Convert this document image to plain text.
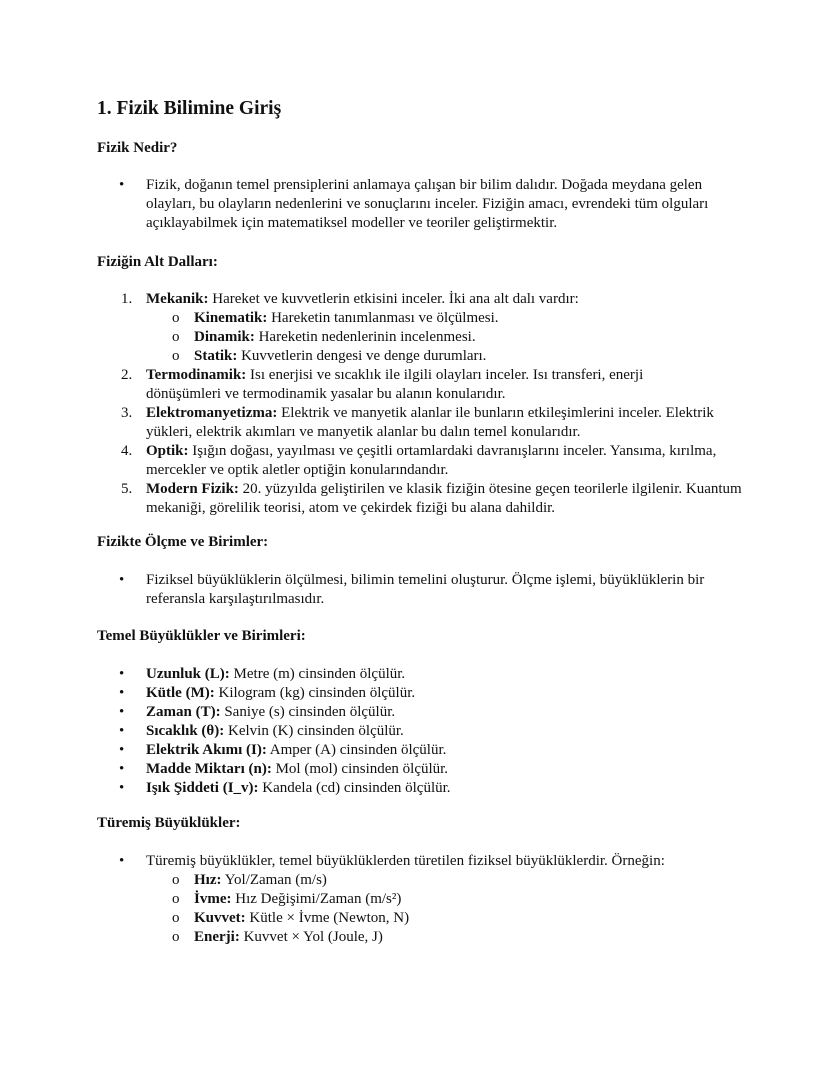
1. Fizik Bilimine Giriş
Fizik Nedir?
• Fizik, doğanın temel prensiplerini anlamaya çalışan bir bilim dalıdır. Doğada meydana gelen olayları, bu olayların nedenlerini ve sonuçlarını inceler. Fiziğin amacı, evrendeki tüm olguları açıklayabilmek için matematiksel modeller ve teoriler geliştirmektir.

Fiziğin Alt Dalları:
1. Mekanik: Hareket ve kuvvetlerin etkisini inceler. İki ana alt dalı vardır:

o Kinematik: Hareketin tanımlanması ve ölçülmesi.

o Dinamik: Hareketin nedenlerinin incelenmesi.

o Statik: Kuvvetlerin dengesi ve denge durumları.

2. Termodinamik: Isı enerjisi ve sıcaklık ile ilgili olayları inceler. Isı transferi, enerji dönüşümleri ve termodinamik yasalar bu alanın konularıdır.

3. Elektromanyetizma: Elektrik ve manyetik alanlar ile bunların etkileşimlerini inceler. Elektrik yükleri, elektrik akımları ve manyetik alanlar bu dalın temel konularıdır.

4. Optik: Işığın doğası, yayılması ve çeşitli ortamlardaki davranışlarını inceler. Yansıma, kırılma, mercekler ve optik aletler optiğin konularındandır.

5. Modern Fizik: 20. yüzyılda geliştirilen ve klasik fiziğin ötesine geçen teorilerle ilgilenir. Kuantum mekaniği, görelilik teorisi, atom ve çekirdek fiziği bu alana dahildir.

Fizikte Ölçme ve Birimler:
• Fiziksel büyüklüklerin ölçülmesi, bilimin temelini oluşturur. Ölçme işlemi, büyüklüklerin bir referansla karşılaştırılmasıdır.

Temel Büyüklükler ve Birimleri:
• Uzunluk (L): Metre (m) cinsinden ölçülür.

• Kütle (M): Kilogram (kg) cinsinden ölçülür.

• Zaman (T): Saniye (s) cinsinden ölçülür.

• Sıcaklık (θ): Kelvin (K) cinsinden ölçülür.

• Elektrik Akımı (I): Amper (A) cinsinden ölçülür.

• Madde Miktarı (n): Mol (mol) cinsinden ölçülür.

• Işık Şiddeti (I_v): Kandela (cd) cinsinden ölçülür.

Türemiş Büyüklükler:
• Türemiş büyüklükler, temel büyüklüklerden türetilen fiziksel büyüklüklerdir. Örneğin:

o Hız: Yol/Zaman (m/s)

o İvme: Hız Değişimi/Zaman (m/s²)

o Kuvvet: Kütle × İvme (Newton, N)

o Enerji: Kuvvet × Yol (Joule, J)
